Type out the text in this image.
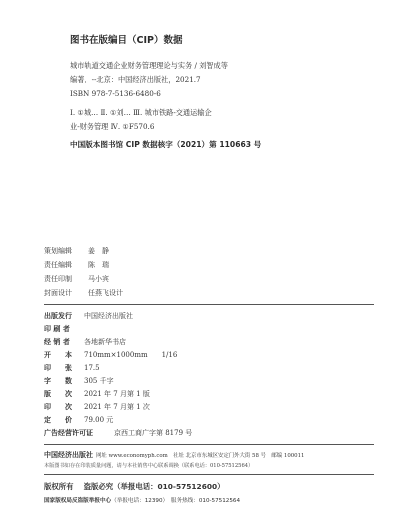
图书在版编目（CIP）数据
城市轨道交通企业财务管理理论与实务 / 刘智成等
编著．--北京：中国经济出版社，2021.7
ISBN 978-7-5136-6480-6
Ⅰ. ①城… Ⅱ. ①刘… Ⅲ. 城市铁路-交通运输企
业-财务管理 Ⅳ. ①F570.6
中国版本图书馆 CIP 数据核字（2021）第 110663 号
策划编辑 姜　静
责任编辑 陈　瑞
责任印制 马小宾
封面设计 任燕飞设计
出版发行 中国经济出版社
印 刷 者
经 销 者 各地新华书店
开　　本 710mm×1000mm 1/16
印　　张 17.5
字　　数 305 千字
版　　次 2021 年 7 月第 1 版
印　　次 2021 年 7 月第 1 次
定　　价 79.00 元
广告经营许可证	京西工商广字第 8179 号
中国经济出版社 网址 www.economyph.com　社址 北京市东城区安定门外大街 58 号　邮编 100011
本版图书如存在印装质量问题，请与本社销售中心联系调换（联系电话：010-57512564）
版权所有 盗版必究（举报电话：010-57512600）
国家版权局反盗版举报中心（举报电话：12390）　服务热线：010-57512564
